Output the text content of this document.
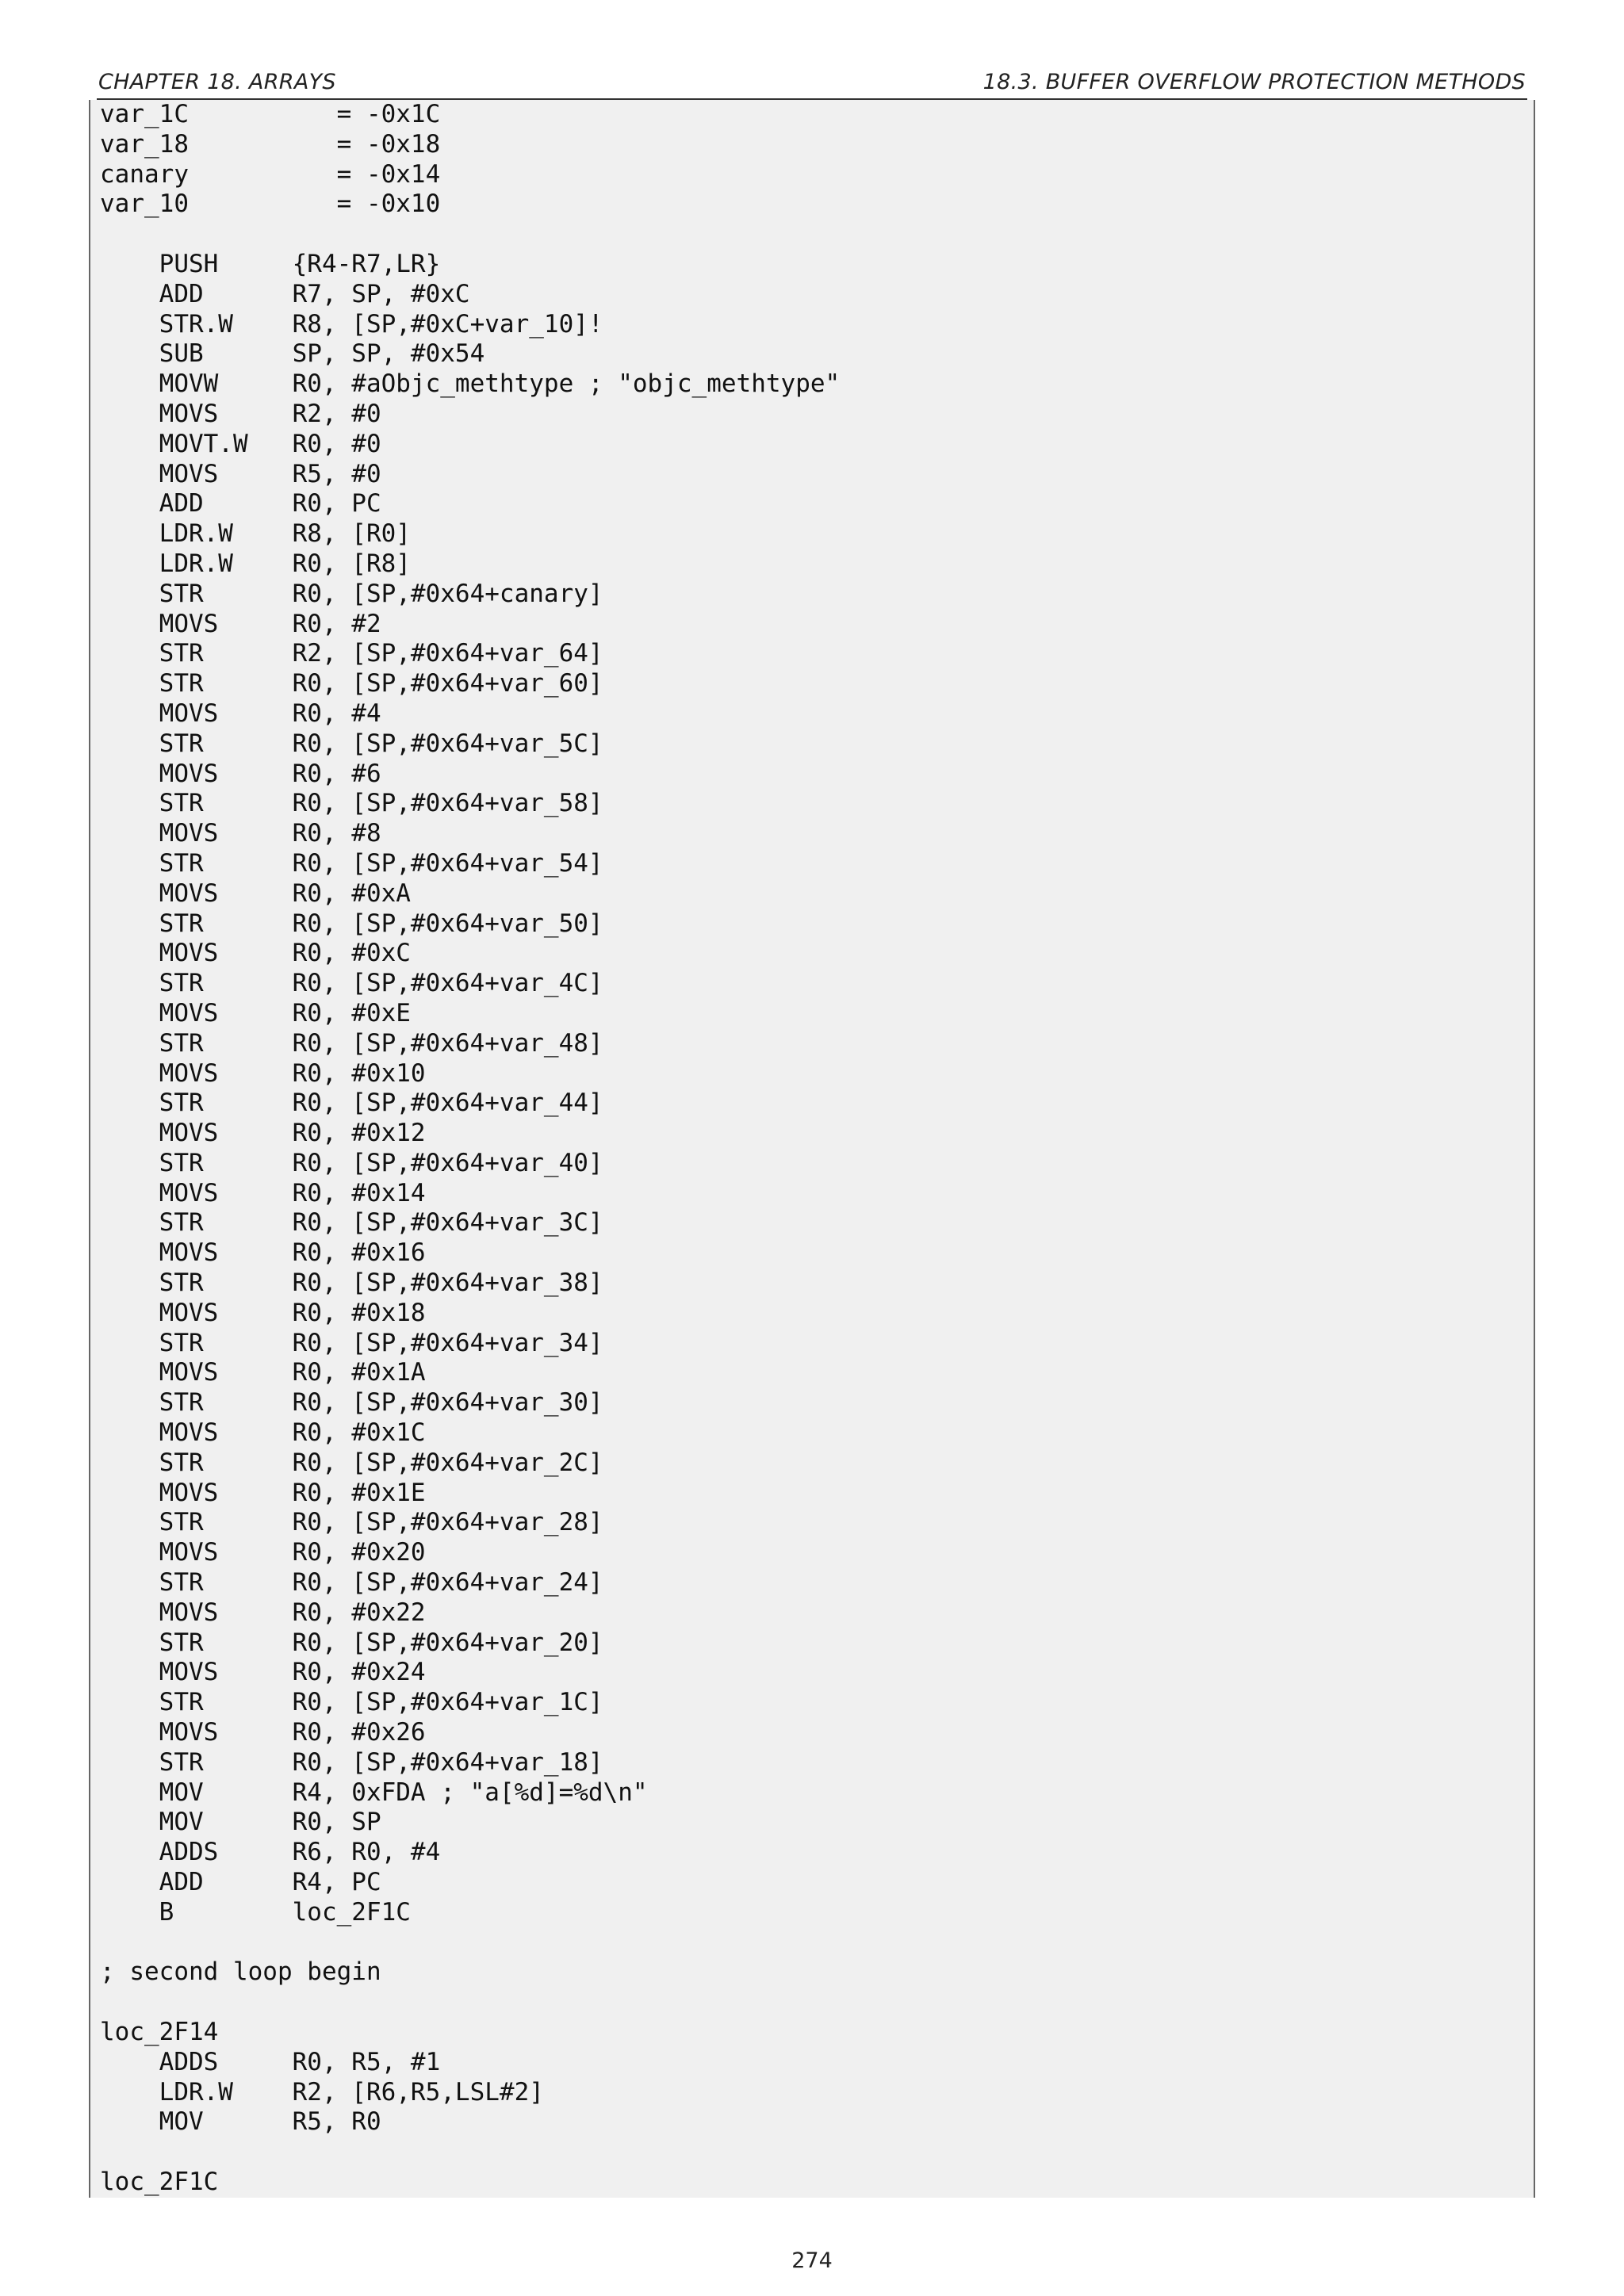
CHAPTER 18. ARRAYS	18.3. BUFFER OVERFLOW PROTECTION METHODS
var_1C          = -0x1C
var_18          = -0x18
canary          = -0x14
var_10          = -0x10

PUSH     {R4-R7,LR}
ADD      R7, SP, #0xC
STR.W    R8, [SP,#0xC+var_10]!
SUB      SP, SP, #0x54
MOVW     R0, #aObjc_methtype ; "objc_methtype"
MOVS     R2, #0
MOVT.W   R0, #0
MOVS     R5, #0
ADD      R0, PC
LDR.W    R8, [R0]
LDR.W    R0, [R8]
STR      R0, [SP,#0x64+canary]
MOVS     R0, #2
STR      R2, [SP,#0x64+var_64]
STR      R0, [SP,#0x64+var_60]
MOVS     R0, #4
STR      R0, [SP,#0x64+var_5C]
MOVS     R0, #6
STR      R0, [SP,#0x64+var_58]
MOVS     R0, #8
STR      R0, [SP,#0x64+var_54]
MOVS     R0, #0xA
STR      R0, [SP,#0x64+var_50]
MOVS     R0, #0xC
STR      R0, [SP,#0x64+var_4C]
MOVS     R0, #0xE
STR      R0, [SP,#0x64+var_48]
MOVS     R0, #0x10
STR      R0, [SP,#0x64+var_44]
MOVS     R0, #0x12
STR      R0, [SP,#0x64+var_40]
MOVS     R0, #0x14
STR      R0, [SP,#0x64+var_3C]
MOVS     R0, #0x16
STR      R0, [SP,#0x64+var_38]
MOVS     R0, #0x18
STR      R0, [SP,#0x64+var_34]
MOVS     R0, #0x1A
STR      R0, [SP,#0x64+var_30]
MOVS     R0, #0x1C
STR      R0, [SP,#0x64+var_2C]
MOVS     R0, #0x1E
STR      R0, [SP,#0x64+var_28]
MOVS     R0, #0x20
STR      R0, [SP,#0x64+var_24]
MOVS     R0, #0x22
STR      R0, [SP,#0x64+var_20]
MOVS     R0, #0x24
STR      R0, [SP,#0x64+var_1C]
MOVS     R0, #0x26
STR      R0, [SP,#0x64+var_18]
MOV      R4, 0xFDA ; "a[%d]=%d\n"
MOV      R0, SP
ADDS     R6, R0, #4
ADD      R4, PC
B        loc_2F1C

; second loop begin

loc_2F14
ADDS     R0, R5, #1
LDR.W    R2, [R6,R5,LSL#2]
MOV      R5, R0

loc_2F1C
274
